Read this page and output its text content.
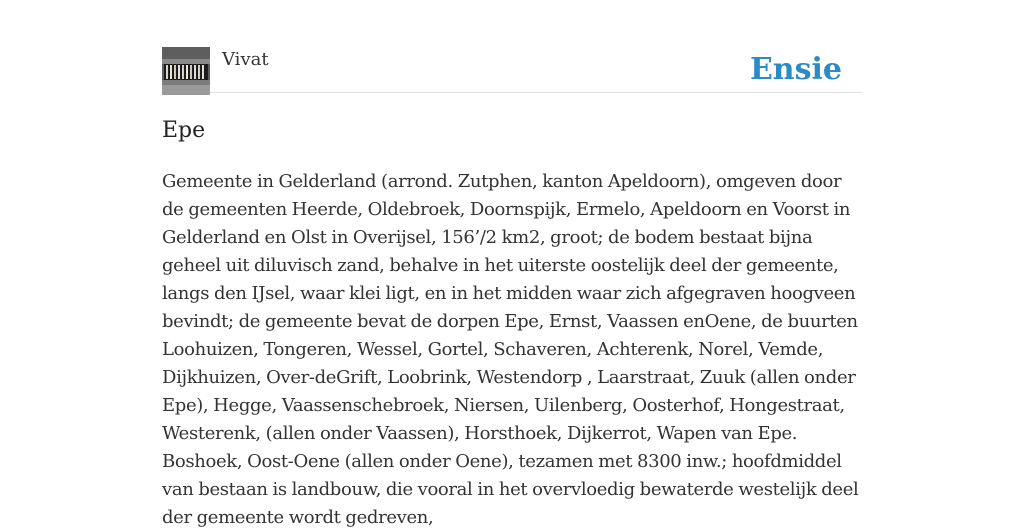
Vivat	Ensie
Epe

Gemeente in Gelderland (arrond. Zutphen, kanton Apeldoorn), omgeven door de gemeenten Heerde, Oldebroek, Doornspijk, Ermelo, Apeldoorn en Voorst in Gelderland en Olst in Overijsel, 156’/2 km2, groot; de bodem bestaat bijna geheel uit diluvisch zand, behalve in het uiterste oostelijk deel der gemeente, langs den IJsel, waar klei ligt, en in het midden waar zich afgegraven hoogveen bevindt; de gemeente bevat de dorpen Epe, Ernst, Vaassen enOene, de buurten Loohuizen, Tongeren, Wessel, Gortel, Schaveren, Achterenk, Norel, Vemde, Dijkhuizen, Over-deGrift, Loobrink, Westendorp , Laarstraat, Zuuk (allen onder Epe), Hegge, Vaassenschebroek, Niersen, Uilenberg, Oosterhof, Hongestraat, Westerenk, (allen onder Vaassen), Horsthoek, Dijkerrot, Wapen van Epe. Boshoek, Oost-Oene (allen onder Oene), tezamen met 8300 inw.; hoofdmiddel van bestaan is landbouw, die vooral in het overvloedig bewaterde westelijk deel der gemeente wordt gedreven,
